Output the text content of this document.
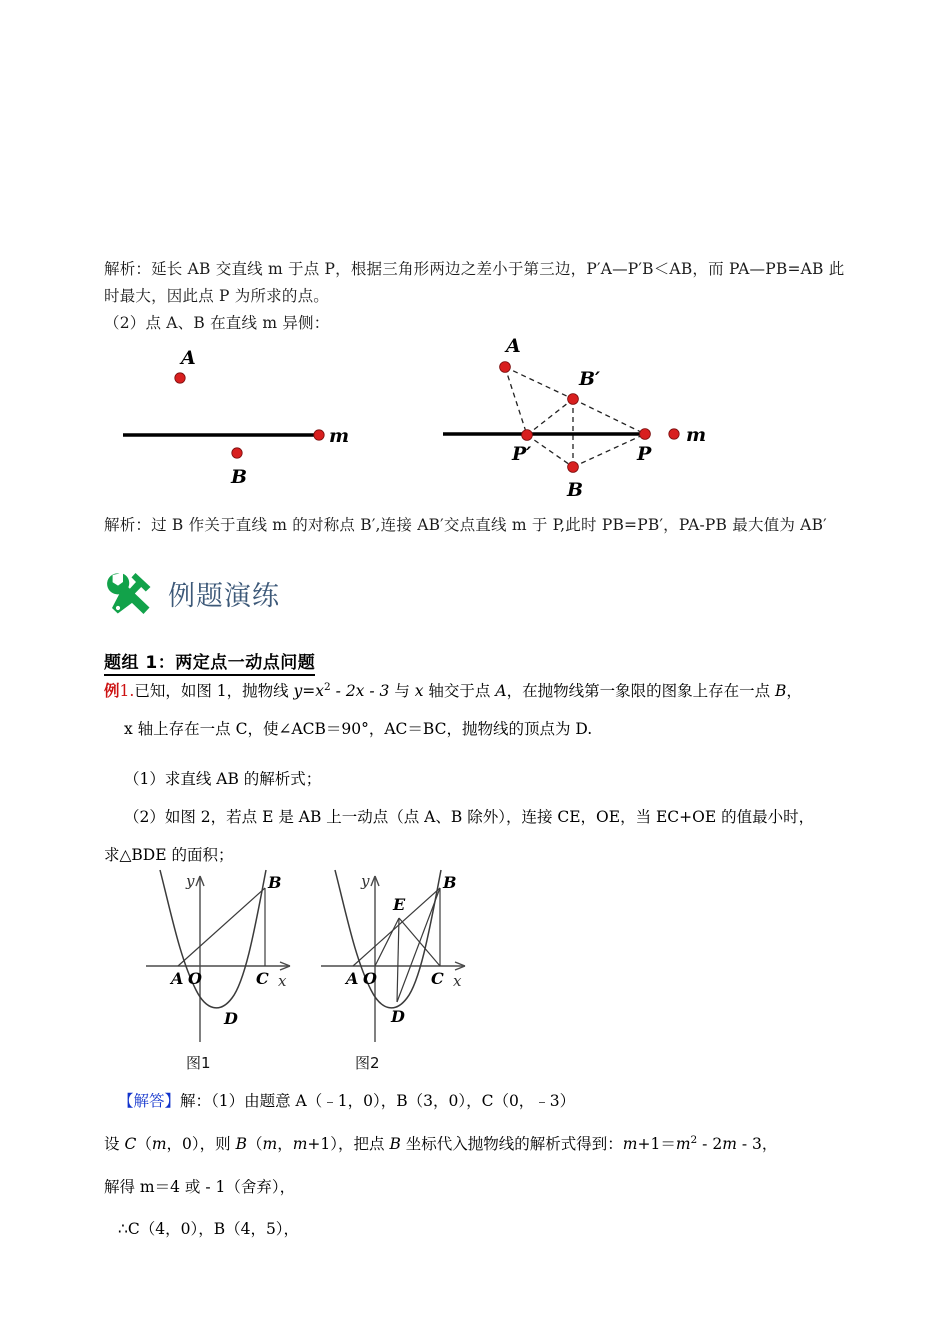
解析：延长 AB 交直线 m 于点 P，根据三角形两边之差小于第三边，P′A—P′B＜AB，而 PA—PB=AB 此
时最大，因此点 P 为所求的点。
（2）点 A、B 在直线 m 异侧：
A
B
m
A
B′
P′	P
B
m
解析：过 B 作关于直线 m 的对称点 B′,连接 AB′交点直线 m 于 P,此时 PB=PB′，PA-PB 最大值为 AB′
例题演练
题组 1：两定点一动点问题
例1.已知，如图 1，抛物线 $y=x^2 - 2x - 3$ 与 x 轴交于点 A，在抛物线第一象限的图象上存在一点 B，
x 轴上存在一点 C，使∠ACB＝90°，AC＝BC，抛物线的顶点为 D.
（1）求直线 AB 的解析式；
（2）如图 2，若点 E 是 AB 上一动点（点 A、B 除外），连接 CE，OE，当 EC+OE 的值最小时，
求△BDE 的面积；
A O	C
B
D
x
y
图1
A O	C
B
D
E
x
y
图2
【解答】解：（1）由题意 A（﹣1，0），B（3，0），C（0，﹣3）
设 C（m，0），则 B（m，m+1），把点 B 坐标代入抛物线的解析式得到：$m+1=m^2 - 2m - 3$，
解得 m＝4 或 - 1（舍弃），
∴C（4，0），B（4，5），
